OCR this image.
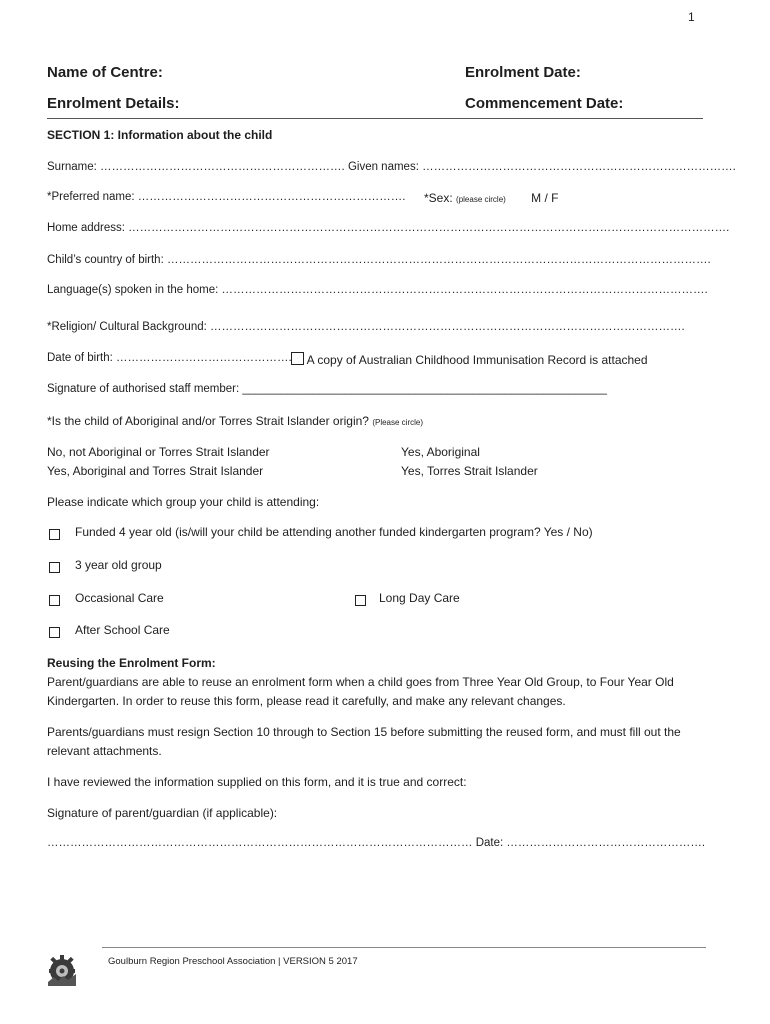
1
Name of Centre:	Enrolment Date:
Enrolment Details:	Commencement Date:
SECTION 1: Information about the child
Surname: ………………………………………………………. Given names: ……………………………………………………………………….
*Preferred name: ……………………………………………………………. *Sex: (please circle) M / F
Home address: ………………………………………………………………………………………………………………………………………….
Child’s country of birth: …………………………………………………………………………………………………………………………….
Language(s) spoken in the home: ……………………………………………………………………………………………………………….
*Religion/ Cultural Background: …………………………………………………………………………………………………………….
Date of birth: ……………………………………….	A copy of Australian Childhood Immunisation Record is attached
Signature of authorised staff member: _________________________________________________________
*Is the child of Aboriginal and/or Torres Strait Islander origin? (Please circle)
No, not Aboriginal or Torres Strait Islander	Yes, Aboriginal
Yes, Aboriginal and Torres Strait Islander	Yes, Torres Strait Islander
Please indicate which group your child is attending:
Funded 4 year old (is/will your child be attending another funded kindergarten program? Yes / No)
3 year old group
Occasional Care	Long Day Care
After School Care
Reusing the Enrolment Form:
Parent/guardians are able to reuse an enrolment form when a child goes from Three Year Old Group, to Four Year Old Kindergarten. In order to reuse this form, please read it carefully, and make any relevant changes.
Parents/guardians must resign Section 10 through to Section 15 before submitting the reused form, and must fill out the relevant attachments.
I have reviewed the information supplied on this form, and it is true and correct:
Signature of parent/guardian (if applicable):
………………………………………………………………………………………………… Date: …………………………………………….
Goulburn Region Preschool Association | VERSION 5 2017
